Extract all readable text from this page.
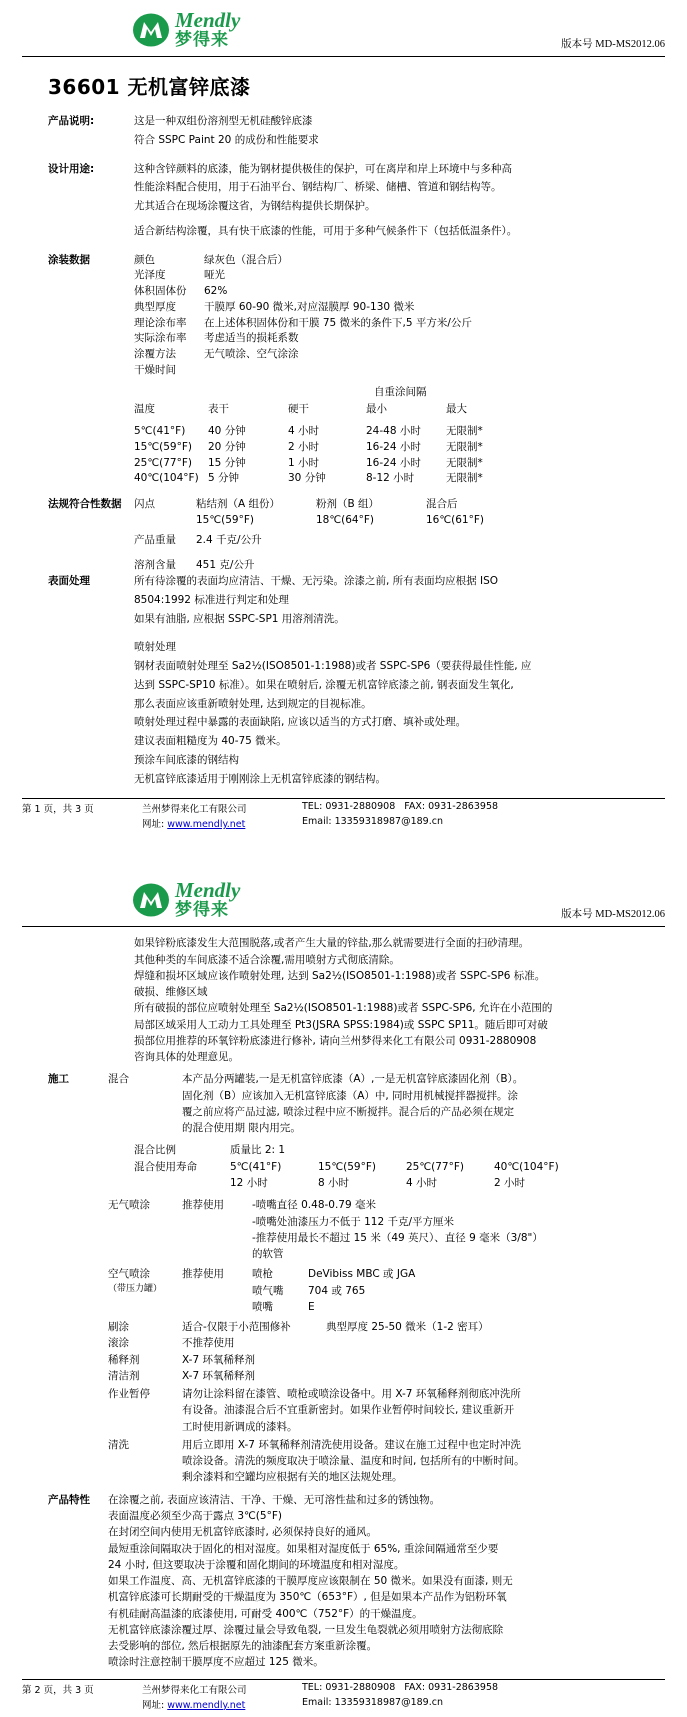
Mendly
梦得来	版本号 MD-MS2012.06
36601 无机富锌底漆
产品说明:	这是一种双组份溶剂型无机硅酸锌底漆
符合 SSPC Paint 20 的成份和性能要求

设计用途:	这种含锌颜料的底漆，能为钢材提供极佳的保护，可在离岸和岸上环境中与多种高
性能涂料配合使用，用于石油平台、钢结构厂、桥梁、储槽、管道和钢结构等。
尤其适合在现场涂覆这省，为钢结构提供长期保护。
适合新结构涂覆，具有快干底漆的性能，可用于多种气候条件下（包括低温条件）。

涂装数据	颜色	绿灰色（混合后）
光泽度	哑光
体积固体份	62%
典型厚度	干膜厚 60-90 微米,对应湿膜厚 90-130 微米
理论涂布率	在上述体积固体份和干膜 75 微米的条件下,5 平方米/公斤
实际涂布率	考虑适当的损耗系数
涂覆方法	无气喷涂、空气涂涂
干燥时间
自重涂间隔
温度	表干	硬干	最小	最大
5℃(41°F)	40 分钟	4 小时	24-48 小时	无限制*
15℃(59°F)	20 分钟	2 小时	16-24 小时	无限制*
25℃(77°F)	15 分钟	1 小时	16-24 小时	无限制*
40℃(104°F) 5 分钟	30 分钟	8-12 小时	无限制*

法规符合性数据	闪点	粘结剂（A 组份）	粉剂（B 组）	混合后
15℃(59°F)	18℃(64°F)	16℃(61°F)
产品重量	2.4 千克/公升
溶剂含量	451 克/公升

表面处理	所有待涂覆的表面均应清洁、干燥、无污染。涂漆之前, 所有表面均应根据 ISO
8504:1992 标准进行判定和处理
如果有油脂, 应根据 SSPC-SP1 用溶剂清洗。
喷射处理
钢材表面喷射处理至 Sa2½(ISO8501-1:1988)或者 SSPC-SP6（要获得最佳性能, 应
达到 SSPC-SP10 标准）。如果在喷射后, 涂覆无机富锌底漆之前, 钢表面发生氧化,
那么表面应该重新喷射处理, 达到规定的目视标准。
喷射处理过程中暴露的表面缺陷, 应该以适当的方式打磨、填补或处理。
建议表面粗糙度为 40-75 微米。
预涂车间底漆的钢结构
无机富锌底漆适用于刚刚涂上无机富锌底漆的钢结构。
第 1 页，共 3 页	兰州梦得来化工有限公司	TEL: 0931-2880908 FAX: 0931-2863958
网址: www.mendly.net	Email: 13359318987@189.cn
Mendly
梦得来	版本号 MD-MS2012.06
如果锌粉底漆发生大范围脱落,或者产生大量的锌盐,那么就需要进行全面的扫砂清理。
其他种类的车间底漆不适合涂覆,需用喷射方式彻底清除。
焊缝和损坏区域应该作喷射处理, 达到 Sa2½(ISO8501-1:1988)或者 SSPC-SP6 标准。
破损、维修区域
所有破损的部位应喷射处理至 Sa2½(ISO8501-1:1988)或者 SSPC-SP6, 允许在小范围的
局部区域采用人工动力工具处理至 Pt3(JSRA SPSS:1984)或 SSPC SP11。随后即可对破
损部位用推荐的环氧锌粉底漆进行修补, 请向兰州梦得来化工有限公司 0931-2880908
咨询具体的处理意见。
施工	混合	本产品分两罐装,一是无机富锌底漆（A）,一是无机富锌底漆固化剂（B）。
固化剂（B）应该加入无机富锌底漆（A）中, 同时用机械搅拌器搅拌。涂
覆之前应将产品过滤, 喷涂过程中应不断搅拌。混合后的产品必须在规定
的混合使用期 限内用完。
混合比例	质量比 2: 1
混合使用寿命	5℃(41°F)	15℃(59°F)	25℃(77°F)	40℃(104°F)
12 小时	8 小时	4 小时	2 小时
无气喷涂	推荐使用	-喷嘴直径 0.48-0.79 毫米
-喷嘴处油漆压力不低于 112 千克/平方厘米
-推荐使用最长不超过 15 米（49 英尺）、直径 9 毫米（3/8"）
的软管
空气喷涂
（带压力罐）
推荐使用	喷枪	DeVibiss MBC 或 JGA
喷气嘴	704 或 765
喷嘴	E
刷涂	适合-仅限于小范围修补	典型厚度 25-50 微米（1-2 密耳）
滚涂	不推荐使用
稀释剂	X-7 环氧稀释剂
清洁剂	X-7 环氧稀释剂
作业暂停	请勿让涂料留在漆管、喷枪或喷涂设备中。用 X-7 环氧稀释剂彻底冲洗所
有设备。油漆混合后不宜重新密封。如果作业暂停时间较长, 建议重新开
工时使用新调成的漆料。
清洗	用后立即用 X-7 环氧稀释剂清洗使用设备。建议在施工过程中也定时冲洗
喷涂设备。清洗的频度取决于喷涂量、温度和时间, 包括所有的中断时间。
剩余漆料和空罐均应根据有关的地区法规处理。
产品特性	在涂覆之前, 表面应该清洁、干净、干燥、无可溶性盐和过多的锈蚀物。
表面温度必须至少高于露点 3℃(5°F)
在封闭空间内使用无机富锌底漆时, 必须保持良好的通风。
最短重涂间隔取决于固化的相对湿度。如果相对湿度低于 65%, 重涂间隔通常至少要
24 小时, 但这要取决于涂覆和固化期间的环境温度和相对湿度。
如果工作温度、高、无机富锌底漆的干膜厚度应该限制在 50 微米。如果没有面漆, 则无
机富锌底漆可长期耐受的干燥温度为 350℃（653°F）, 但是如果本产品作为铝粉环氧
有机硅耐高温漆的底漆使用, 可耐受 400℃（752°F）的干燥温度。
无机富锌底漆涂覆过厚、涂覆过量会导致龟裂, 一旦发生龟裂就必须用喷射方法彻底除
去受影响的部位, 然后根据原先的油漆配套方案重新涂覆。
喷涂时注意控制干膜厚度不应超过 125 微米。
第 2 页，共 3 页	兰州梦得来化工有限公司	TEL: 0931-2880908 FAX: 0931-2863958
网址: www.mendly.net	Email: 13359318987@189.cn
